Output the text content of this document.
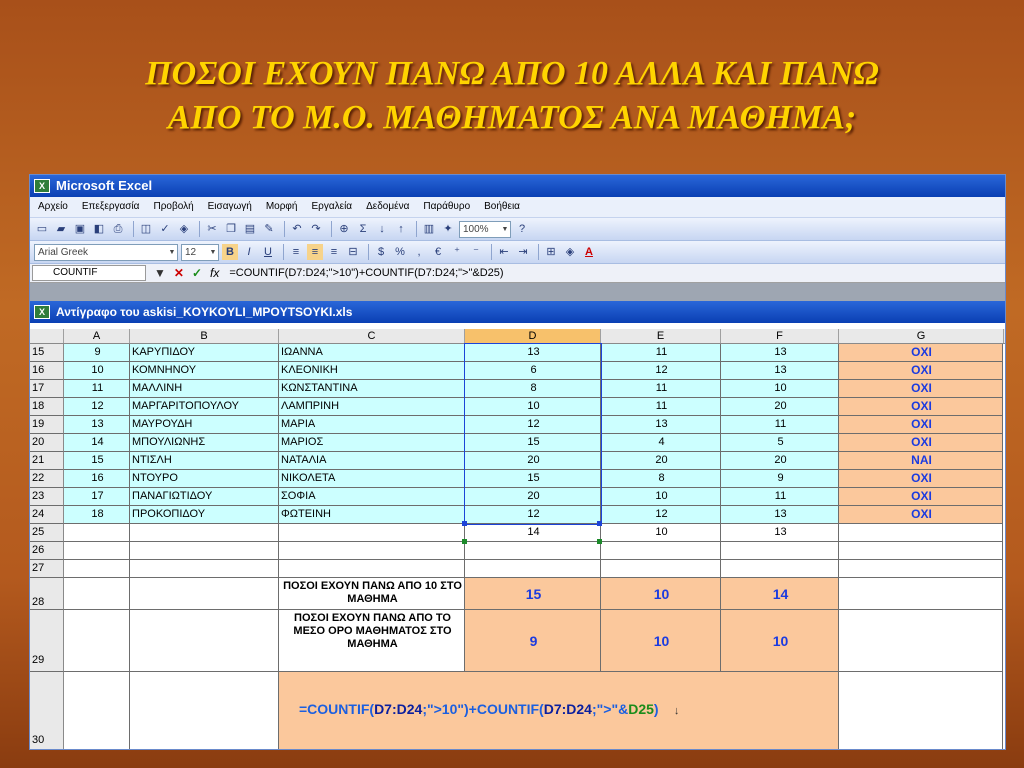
ΠΟΣΟΙ ΕΧΟΥΝ ΠΑΝΩ ΑΠΟ 10 ΑΛΛΑ ΚΑΙ ΠΑΝΩ
ΑΠΟ ΤΟ Μ.Ο. ΜΑΘΗΜΑΤΟΣ ΑΝΑ ΜΑΘΗΜΑ;
X Microsoft Excel
Αρχείο Επεξεργασία Προβολή Εισαγωγή Μορφή Εργαλεία Δεδομένα Παράθυρο Βοήθεια
▭ ▰ ▣ ◧ ⎙	◫ ✓ ◈	✂ ❐ ▤ ✎	↶ ↷	⊕ Σ	↓	↑	▥ ✦	100% ▼ ?
Arial Greek	▼ 12 ▼ B	I	U	≡	≡	≡	⊟	$	%	,	€	⁺	⁻	⇤ ⇥	⊞ ◈ A
COUNTIF	▼ ✕ ✓ fx =COUNTIF(D7:D24;">10")+COUNTIF(D7:D24;">"&D25)
X Αντίγραφο του askisi_KOYKOYLI_MPOYTSOYKI.xls
A	B	C	D	E	F	G
15	9	ΚΑΡΥΠΙΔΟΥ	ΙΩΑΝΝΑ	13	11	13	ΟΧΙ
16	10	ΚΟΜΝΗΝΟΥ	ΚΛΕΟΝΙΚΗ	6	12	13	ΟΧΙ
17	11	ΜΑΛΛΙΝΗ	ΚΩΝΣΤΑΝΤΙΝΑ	8	11	10	ΟΧΙ
18	12	ΜΑΡΓΑΡΙΤΟΠΟΥΛΟΥ	ΛΑΜΠΡΙΝΗ	10	11	20	ΟΧΙ
19	13	ΜΑΥΡΟΥΔΗ	ΜΑΡΙΑ	12	13	11	ΟΧΙ
20	14	ΜΠΟΥΛΙΩΝΗΣ	ΜΑΡΙΟΣ	15	4	5	ΟΧΙ
21	15	ΝΤΙΣΛΗ	ΝΑΤΑΛΙΑ	20	20	20	ΝΑΙ
22	16	ΝΤΟΥΡΟ	ΝΙΚΟΛΕΤΑ	15	8	9	ΟΧΙ
23	17	ΠΑΝΑΓΙΩΤΙΔΟΥ	ΣΟΦΙΑ	20	10	11	ΟΧΙ
24	18	ΠΡΟΚΟΠΙΔΟΥ	ΦΩΤΕΙΝΗ	12	12	13	ΟΧΙ
25	14	10	13
26
27
28
ΠΟΣΟΙ ΕΧΟΥΝ ΠΑΝΩ ΑΠΟ 10 ΣΤΟ ΜΑΘΗΜΑ	15	10	14
29
ΠΟΣΟΙ ΕΧΟΥΝ ΠΑΝΩ ΑΠΟ ΤΟ ΜΕΣΟ ΟΡΟ ΜΑΘΗΜΑΤΟΣ ΣΤΟ ΜΑΘΗΜΑ	9	10	10
30
=COUNTIF(D7:D24;">10")+COUNTIF(D7:D24;">"&D25)     ↓
